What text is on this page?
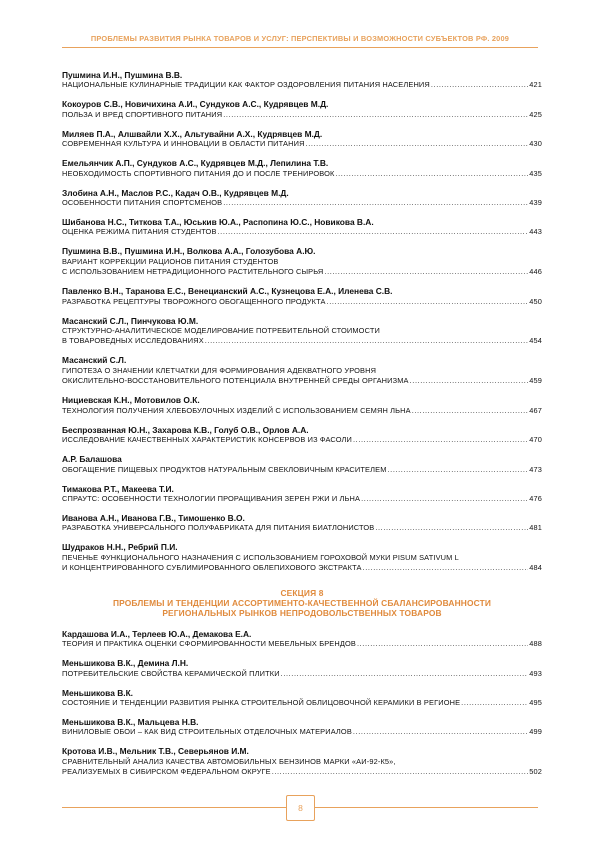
ПРОБЛЕМЫ РАЗВИТИЯ РЫНКА ТОВАРОВ И УСЛУГ: ПЕРСПЕКТИВЫ И ВОЗМОЖНОСТИ СУБЪЕКТОВ РФ. 2009
Пушмина И.Н., Пушмина В.В.
НАЦИОНАЛЬНЫЕ КУЛИНАРНЫЕ ТРАДИЦИИ КАК ФАКТОР ОЗДОРОВЛЕНИЯ ПИТАНИЯ НАСЕЛЕНИЯ .....	421
Кокоуров С.В., Новичихина А.И., Сундуков А.С., Кудрявцев М.Д.
ПОЛЬЗА И ВРЕД СПОРТИВНОГО ПИТАНИЯ .....	425
Миляев П.А., Алшвайли Х.Х., Альтувайни А.Х., Кудрявцев М.Д.
СОВРЕМЕННАЯ КУЛЬТУРА И ИННОВАЦИИ В ОБЛАСТИ ПИТАНИЯ .....	430
Емельянчик А.П., Сундуков А.С., Кудрявцев М.Д., Лепилина Т.В.
НЕОБХОДИМОСТЬ СПОРТИВНОГО ПИТАНИЯ ДО И ПОСЛЕ ТРЕНИРОВОК .....	435
Злобина А.Н., Маслов Р.С., Кадач О.В., Кудрявцев М.Д.
ОСОБЕННОСТИ ПИТАНИЯ СПОРТСМЕНОВ .....	439
Шибанова Н.С., Титкова Т.А., Юськив Ю.А., Распопина Ю.С., Новикова В.А.
ОЦЕНКА РЕЖИМА ПИТАНИЯ СТУДЕНТОВ .....	443
Пушмина В.В., Пушмина И.Н., Волкова А.А., Голозубова А.Ю.
ВАРИАНТ КОРРЕКЦИИ РАЦИОНОВ ПИТАНИЯ СТУДЕНТОВ
С ИСПОЛЬЗОВАНИЕМ НЕТРАДИЦИОННОГО РАСТИТЕЛЬНОГО СЫРЬЯ .....	446
Павленко В.Н., Таранова Е.С., Венецианский А.С., Кузнецова Е.А., Иленева С.В.
РАЗРАБОТКА РЕЦЕПТУРЫ ТВОРОЖНОГО ОБОГАЩЕННОГО ПРОДУКТА .....	450
Масанский С.Л., Пинчукова Ю.М.
СТРУКТУРНО-АНАЛИТИЧЕСКОЕ МОДЕЛИРОВАНИЕ ПОТРЕБИТЕЛЬНОЙ СТОИМОСТИ
В ТОВАРОВЕДНЫХ ИССЛЕДОВАНИЯХ .....	454
Масанский С.Л.
ГИПОТЕЗА О ЗНАЧЕНИИ КЛЕТЧАТКИ ДЛЯ ФОРМИРОВАНИЯ АДЕКВАТНОГО УРОВНЯ
ОКИСЛИТЕЛЬНО-ВОССТАНОВИТЕЛЬНОГО ПОТЕНЦИАЛА ВНУТРЕННЕЙ СРЕДЫ ОРГАНИЗМА .....	459
Нициевская К.Н., Мотовилов О.К.
ТЕХНОЛОГИЯ ПОЛУЧЕНИЯ ХЛЕБОБУЛОЧНЫХ ИЗДЕЛИЙ С ИСПОЛЬЗОВАНИЕМ СЕМЯН ЛЬНА .....	467
Беспрозванная Ю.Н., Захарова К.В., Голуб О.В., Орлов А.А.
ИССЛЕДОВАНИЕ КАЧЕСТВЕННЫХ ХАРАКТЕРИСТИК КОНСЕРВОВ ИЗ ФАСОЛИ .....	470
А.Р. Балашова
ОБОГАЩЕНИЕ ПИЩЕВЫХ ПРОДУКТОВ НАТУРАЛЬНЫМ СВЕКЛОВИЧНЫМ КРАСИТЕЛЕМ .....	473
Тимакова Р.Т., Макеева Т.И.
СПРАУТС: ОСОБЕННОСТИ ТЕХНОЛОГИИ ПРОРАЩИВАНИЯ ЗЕРЕН РЖИ И ЛЬНА .....	476
Иванова А.Н., Иванова Г.В., Тимошенко В.О.
РАЗРАБОТКА УНИВЕРСАЛЬНОГО ПОЛУФАБРИКАТА ДЛЯ ПИТАНИЯ БИАТЛОНИСТОВ .....	481
Шудраков Н.Н., Ребрий П.И.
ПЕЧЕНЬЕ ФУНКЦИОНАЛЬНОГО НАЗНАЧЕНИЯ С ИСПОЛЬЗОВАНИЕМ ГОРОХОВОЙ МУКИ PISUM SATIVUM L
И КОНЦЕНТРИРОВАННОГО СУБЛИМИРОВАННОГО ОБЛЕПИХОВОГО ЭКСТРАКТА .....	484
СЕКЦИЯ 8
ПРОБЛЕМЫ И ТЕНДЕНЦИИ АССОРТИМЕНТО-КАЧЕСТВЕННОЙ СБАЛАНСИРОВАННОСТИ
РЕГИОНАЛЬНЫХ РЫНКОВ НЕПРОДОВОЛЬСТВЕННЫХ ТОВАРОВ
Кардашова И.А., Терлеев Ю.А., Демакова Е.А.
ТЕОРИЯ И ПРАКТИКА ОЦЕНКИ СФОРМИРОВАННОСТИ МЕБЕЛЬНЫХ БРЕНДОВ .....	488
Меньшикова В.К., Демина Л.Н.
ПОТРЕБИТЕЛЬСКИЕ СВОЙСТВА КЕРАМИЧЕСКОЙ ПЛИТКИ .....	493
Меньшикова В.К.
СОСТОЯНИЕ И ТЕНДЕНЦИИ РАЗВИТИЯ РЫНКА СТРОИТЕЛЬНОЙ ОБЛИЦОВОЧНОЙ КЕРАМИКИ В РЕГИОНЕ .....	495
Меньшикова В.К., Мальцева Н.В.
ВИНИЛОВЫЕ ОБОИ – КАК ВИД СТРОИТЕЛЬНЫХ ОТДЕЛОЧНЫХ МАТЕРИАЛОВ .....	499
Кротова И.В., Мельник Т.В., Северьянов И.М.
СРАВНИТЕЛЬНЫЙ АНАЛИЗ КАЧЕСТВА АВТОМОБИЛЬНЫХ БЕНЗИНОВ МАРКИ «АИ-92-К5»,
РЕАЛИЗУЕМЫХ В СИБИРСКОМ ФЕДЕРАЛЬНОМ ОКРУГЕ .....	502
8
